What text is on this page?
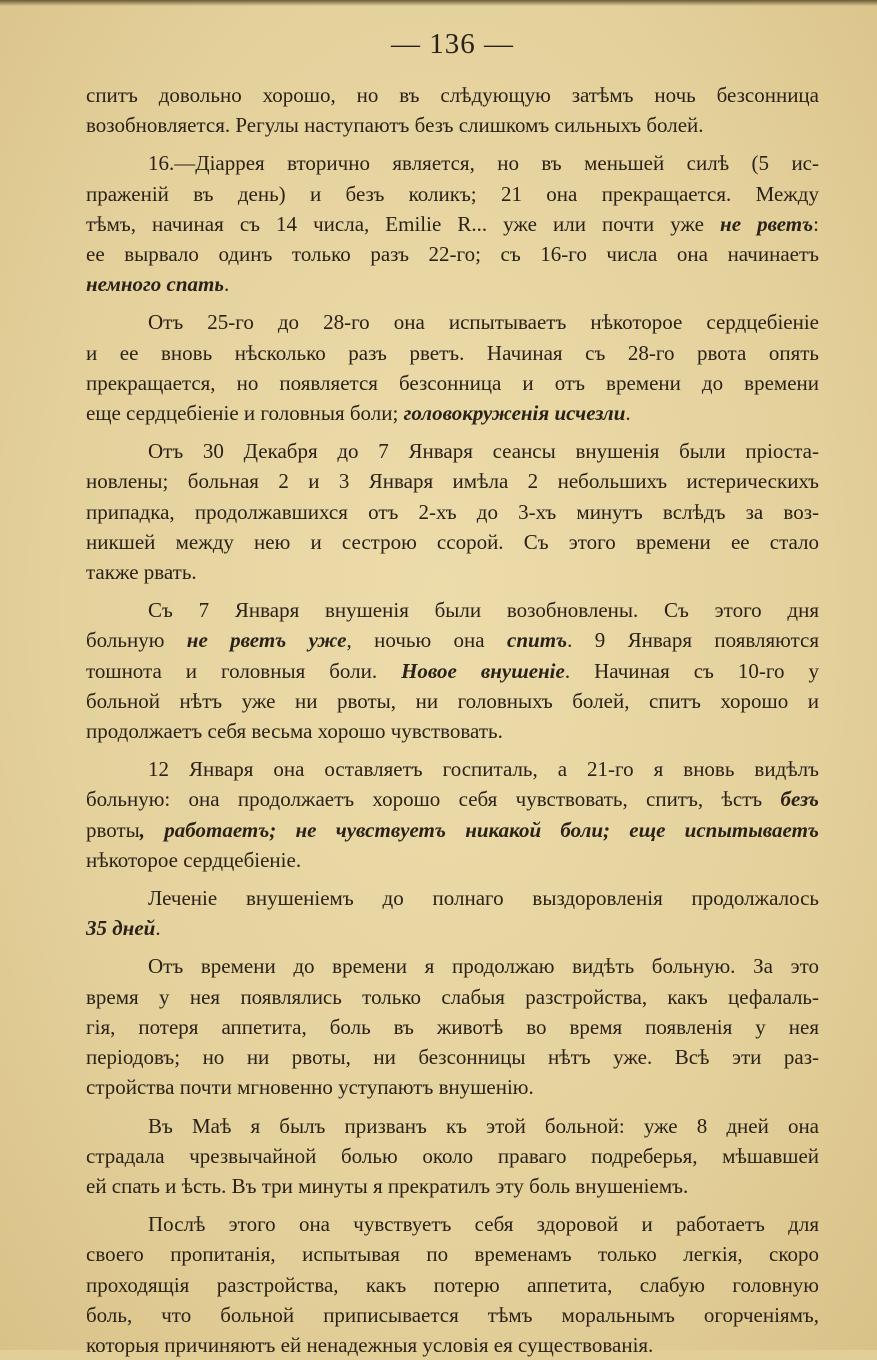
— 136 —
спитъ довольно хорошо, но въ слѣдующую затѣмъ ночь безсонница
возобновляется. Регулы наступаютъ безъ слишкомъ сильныхъ болей.
16.—Діаррея вторично является, но въ меньшей силѣ (5 ис-
праженій въ день) и безъ коликъ; 21 она прекращается. Между
тѣмъ, начиная съ 14 числа, Emilie R... уже или почти уже не рветъ:
ее вырвало одинъ только разъ 22-го; съ 16-го числа она начинаетъ
немного спать.
Отъ 25-го до 28-го она испытываетъ нѣкоторое сердцебіеніе
и ее вновь нѣсколько разъ рветъ. Начиная съ 28-го рвота опять
прекращается, но появляется безсонница и отъ времени до времени
еще сердцебіеніе и головныя боли; головокруженія исчезли.
Отъ 30 Декабря до 7 Января сеансы внушенія были пріоста-
новлены; больная 2 и 3 Января имѣла 2 небольшихъ истерическихъ
припадка, продолжавшихся отъ 2-хъ до 3-хъ минутъ вслѣдъ за воз-
никшей между нею и сестрою ссорой. Съ этого времени ее стало
также рвать.
Съ 7 Января внушенія были возобновлены. Съ этого дня
больную не рветъ уже, ночью она спитъ. 9 Января появляются
тошнота и головныя боли. Новое внушеніе. Начиная съ 10-го у
больной нѣтъ уже ни рвоты, ни головныхъ болей, спитъ хорошо и
продолжаетъ себя весьма хорошо чувствовать.
12 Января она оставляетъ госпиталь, а 21-го я вновь видѣлъ
больную: она продолжаетъ хорошо себя чувствовать, спитъ, ѣстъ безъ
рвоты, работаетъ; не чувствуетъ никакой боли; еще испытываетъ
нѣкоторое сердцебіеніе.
Леченіе внушеніемъ до полнаго выздоровленія продолжалось
35 дней.
Отъ времени до времени я продолжаю видѣть больную. За это
время у нея появлялись только слабыя разстройства, какъ цефалаль-
гія, потеря аппетита, боль въ животѣ во время появленія у нея
періодовъ; но ни рвоты, ни безсонницы нѣтъ уже. Всѣ эти раз-
стройства почти мгновенно уступаютъ внушенію.
Въ Маѣ я былъ призванъ къ этой больной: уже 8 дней она
страдала чрезвычайной болью около праваго подреберья, мѣшавшей
ей спать и ѣсть. Въ три минуты я прекратилъ эту боль внушеніемъ.
Послѣ этого она чувствуетъ себя здоровой и работаетъ для
своего пропитанія, испытывая по временамъ только легкія, скоро
проходящія разстройства, какъ потерю аппетита, слабую головную
боль, что больной приписывается тѣмъ моральнымъ огорченіямъ,
которыя причиняютъ ей ненадежныя условія ея существованія.
